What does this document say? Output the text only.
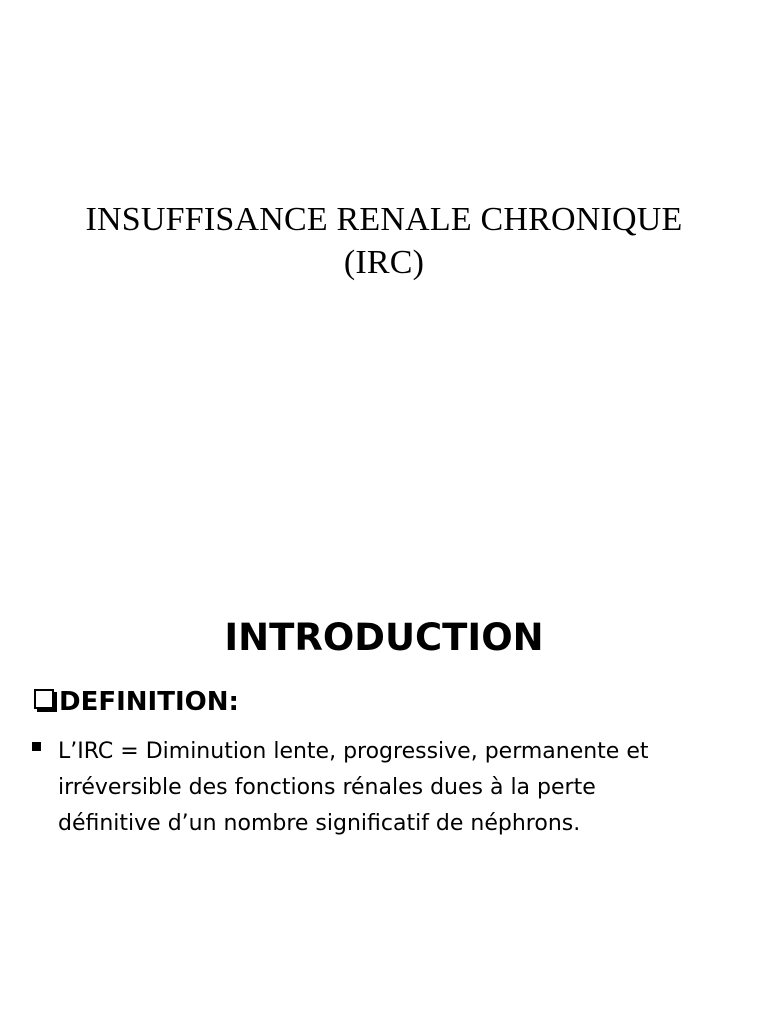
INSUFFISANCE RENALE CHRONIQUE
(IRC)
INTRODUCTION
DEFINITION:
L’IRC = Diminution lente, progressive, permanente et
irréversible des fonctions rénales dues à la perte
définitive d’un nombre significatif de néphrons.
